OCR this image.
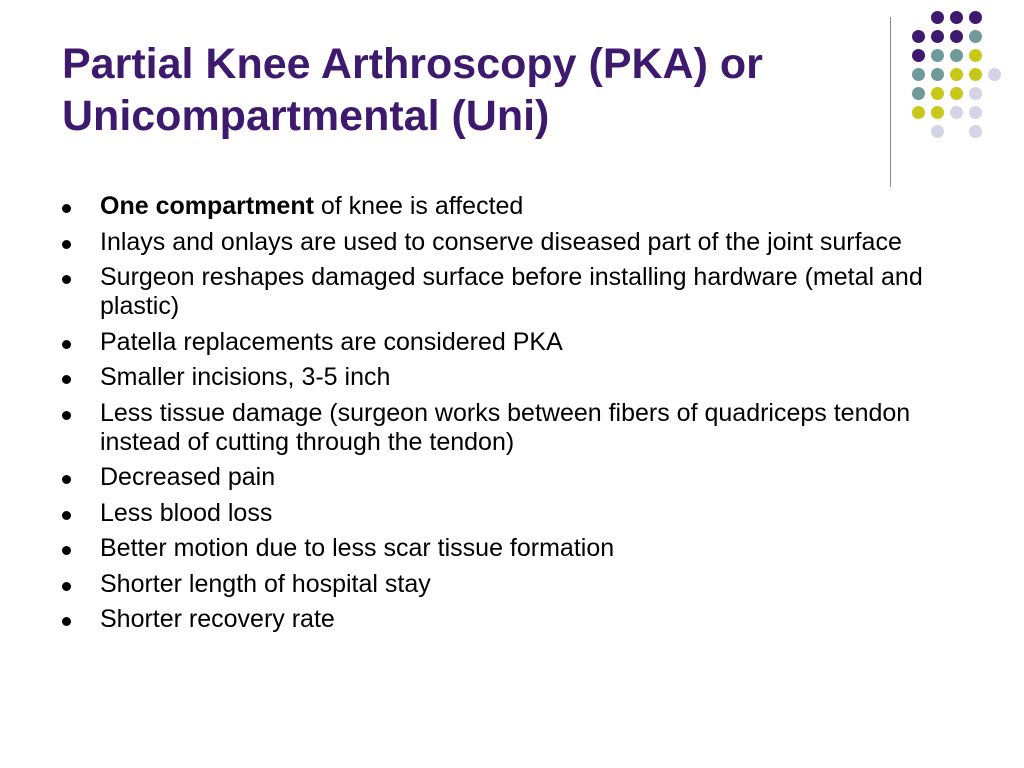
Partial Knee Arthroscopy (PKA) or
Unicompartmental (Uni)
One compartment of knee is affected
Inlays and onlays are used to conserve diseased part of the joint surface
Surgeon reshapes damaged surface before installing hardware (metal and plastic)
Patella replacements are considered PKA
Smaller incisions, 3-5 inch
Less tissue damage (surgeon works between fibers of quadriceps tendon instead of cutting through the tendon)
Decreased pain
Less blood loss
Better motion due to less scar tissue formation
Shorter length of hospital stay
Shorter recovery rate
